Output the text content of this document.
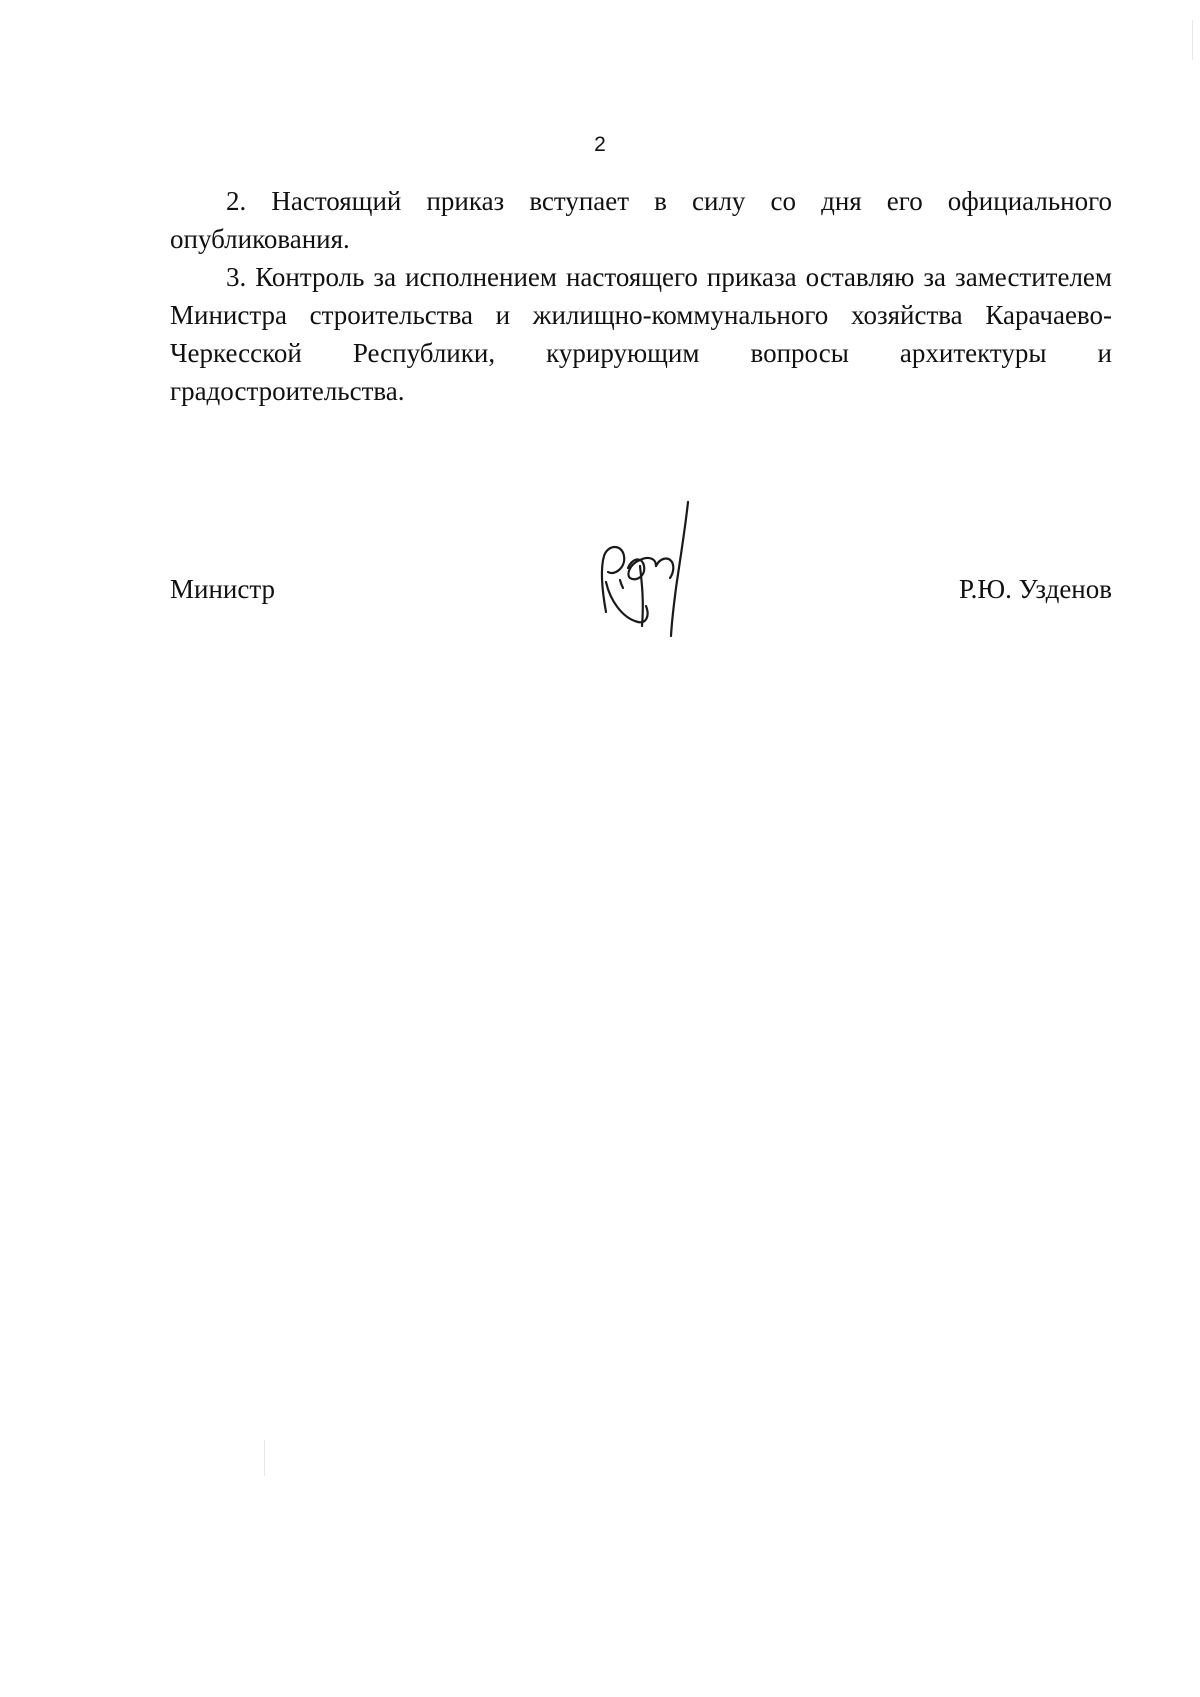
2

2. Настоящий приказ вступает в силу со дня его официального опубликования.

3. Контроль за исполнением настоящего приказа оставляю за заместителем Министра строительства и жилищно-коммунального хозяйства Карачаево-Черкесской Республики, курирующим вопросы архитектуры и градостроительства.

Министр	Р.Ю. Узденов
